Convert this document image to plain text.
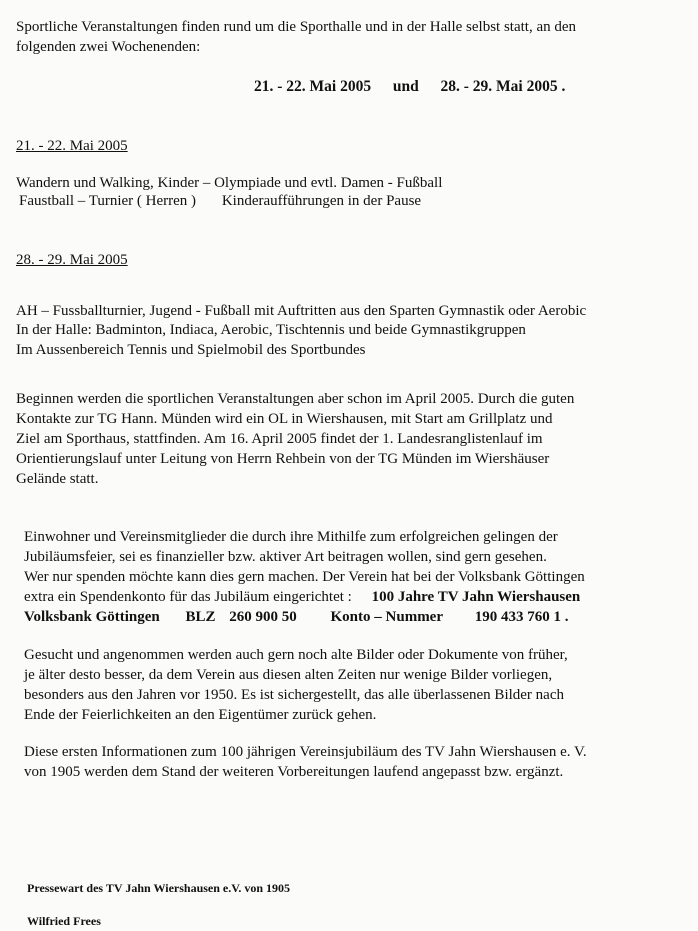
Sportliche Veranstaltungen finden rund um die Sporthalle und in der Halle selbst statt, an den
folgenden zwei Wochenenden:
21. - 22. Mai 2005 und 28. - 29. Mai 2005 .
21. - 22. Mai 2005
Wandern und Walking, Kinder – Olympiade und evtl. Damen - Fußball
Faustball – Turnier ( Herren ) Kinderaufführungen in der Pause
28. - 29. Mai 2005
AH – Fussballturnier, Jugend - Fußball mit Auftritten aus den Sparten Gymnastik oder Aerobic
In der Halle: Badminton, Indiaca, Aerobic, Tischtennis und beide Gymnastikgruppen
Im Aussenbereich Tennis und Spielmobil des Sportbundes
Beginnen werden die sportlichen Veranstaltungen aber schon im April 2005. Durch die guten
Kontakte zur TG Hann. Münden wird ein OL in Wiershausen, mit Start am Grillplatz und
Ziel am Sporthaus, stattfinden. Am 16. April 2005 findet der 1. Landesranglistenlauf im
Orientierungslauf unter Leitung von Herrn Rehbein von der TG Münden im Wiershäuser
Gelände statt.
Einwohner und Vereinsmitglieder die durch ihre Mithilfe zum erfolgreichen gelingen der
Jubiläumsfeier, sei es finanzieller bzw. aktiver Art beitragen wollen, sind gern gesehen.
Wer nur spenden möchte kann dies gern machen. Der Verein hat bei der Volksbank Göttingen
extra ein Spendenkonto für das Jubiläum eingerichtet : 100 Jahre TV Jahn Wiershausen
Volksbank Göttingen BLZ 260 900 50 Konto – Nummer 190 433 760 1 .
Gesucht und angenommen werden auch gern noch alte Bilder oder Dokumente von früher,
je älter desto besser, da dem Verein aus diesen alten Zeiten nur wenige Bilder vorliegen,
besonders aus den Jahren vor 1950. Es ist sichergestellt, das alle überlassenen Bilder nach
Ende der Feierlichkeiten an den Eigentümer zurück gehen.
Diese ersten Informationen zum 100 jährigen Vereinsjubiläum des TV Jahn Wiershausen e. V.
von 1905 werden dem Stand der weiteren Vorbereitungen laufend angepasst bzw. ergänzt.
Pressewart des TV Jahn Wiershausen e.V. von 1905
Wilfried Frees
